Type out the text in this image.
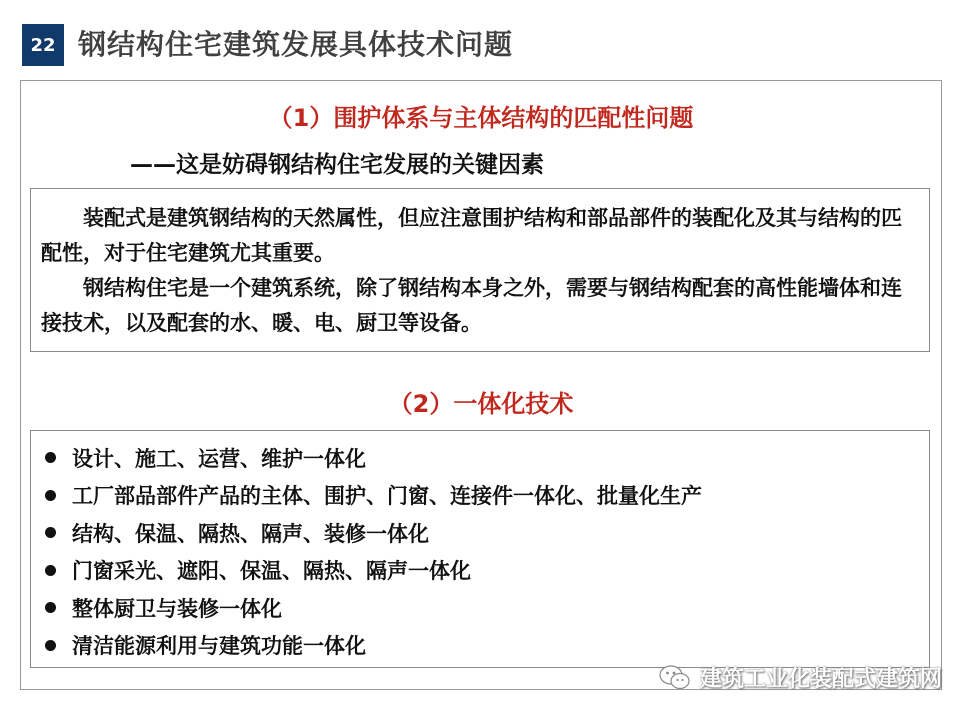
22 钢结构住宅建筑发展具体技术问题
（1）围护体系与主体结构的匹配性问题
——这是妨碍钢结构住宅发展的关键因素

装配式是建筑钢结构的天然属性，但应注意围护结构和部品部件的装配化及其与结构的匹配性，对于住宅建筑尤其重要。

钢结构住宅是一个建筑系统，除了钢结构本身之外，需要与钢结构配套的高性能墙体和连接技术，以及配套的水、暖、电、厨卫等设备。

（2）一体化技术
设计、施工、运营、维护一体化
工厂部品部件产品的主体、围护、门窗、连接件一体化、批量化生产
结构、保温、隔热、隔声、装修一体化
门窗采光、遮阳、保温、隔热、隔声一体化
整体厨卫与装修一体化
清洁能源利用与建筑功能一体化
建筑工业化装配式建筑网
